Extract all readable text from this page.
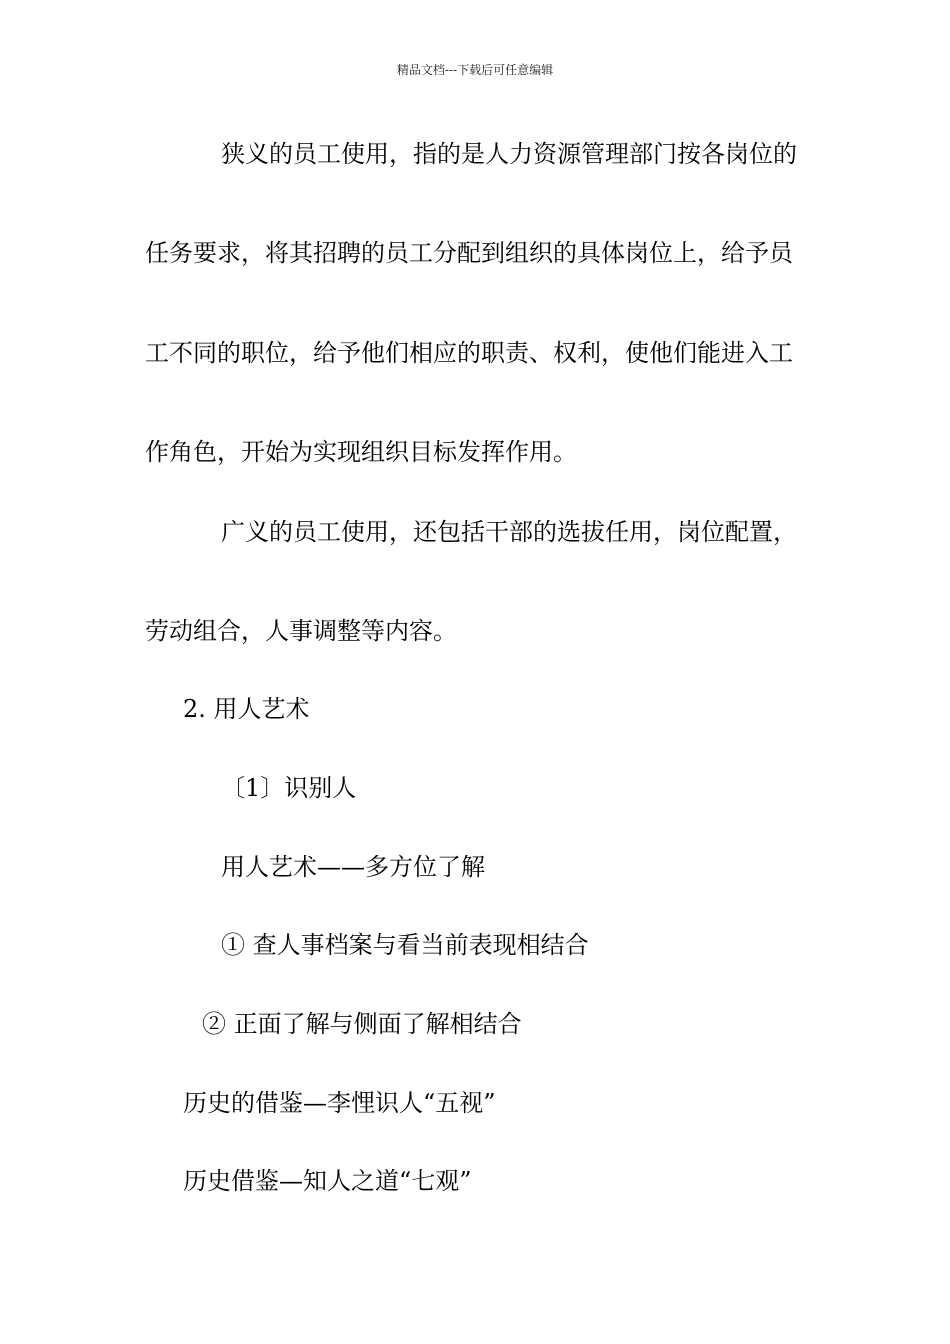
精品文档---下载后可任意编辑
狭义的员工使用，指的是人力资源管理部门按各岗位的
任务要求，将其招聘的员工分配到组织的具体岗位上，给予员
工不同的职位，给予他们相应的职责、权利，使他们能进入工
作角色，开始为实现组织目标发挥作用。
广义的员工使用，还包括干部的选拔任用，岗位配置，
劳动组合，人事调整等内容。
2. 用人艺术
〔1〕识别人
用人艺术——多方位了解
① 查人事档案与看当前表现相结合
② 正面了解与侧面了解相结合
历史的借鉴—李悝识人“五视”
历史借鉴—知人之道“七观”
